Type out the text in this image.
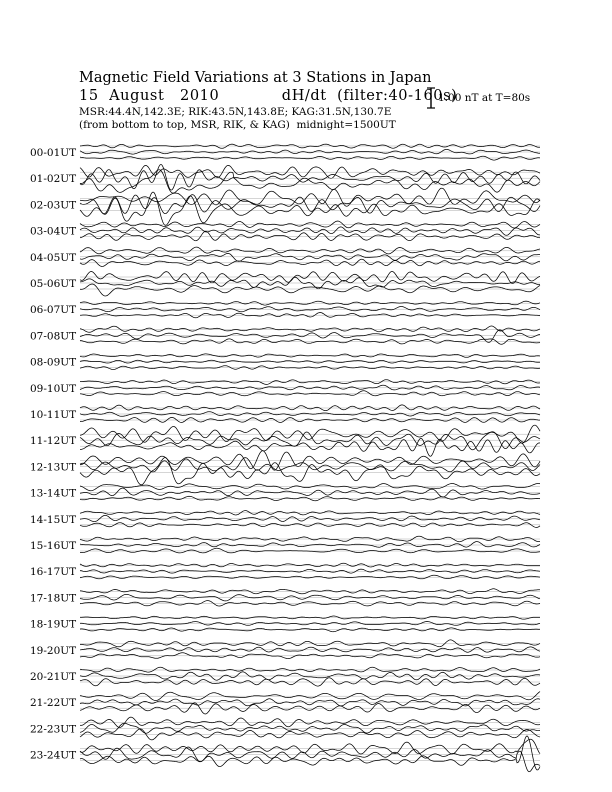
00-01UT
01-02UT
02-03UT
03-04UT
04-05UT
05-06UT
06-07UT
07-08UT
08-09UT
09-10UT
10-11UT
11-12UT
12-13UT
13-14UT
14-15UT
15-16UT
16-17UT
17-18UT
18-19UT
19-20UT
20-21UT
21-22UT
22-23UT
23-24UT
Magnetic Field Variations at 3 Stations in Japan
15  August   2010            dH/dt  (filter:40-160s)
MSR:44.4N,142.3E; RIK:43.5N,143.8E; KAG:31.5N,130.7E
(from bottom to top, MSR, RIK, & KAG)  midnight=1500UT
1.00 nT at T=80s
